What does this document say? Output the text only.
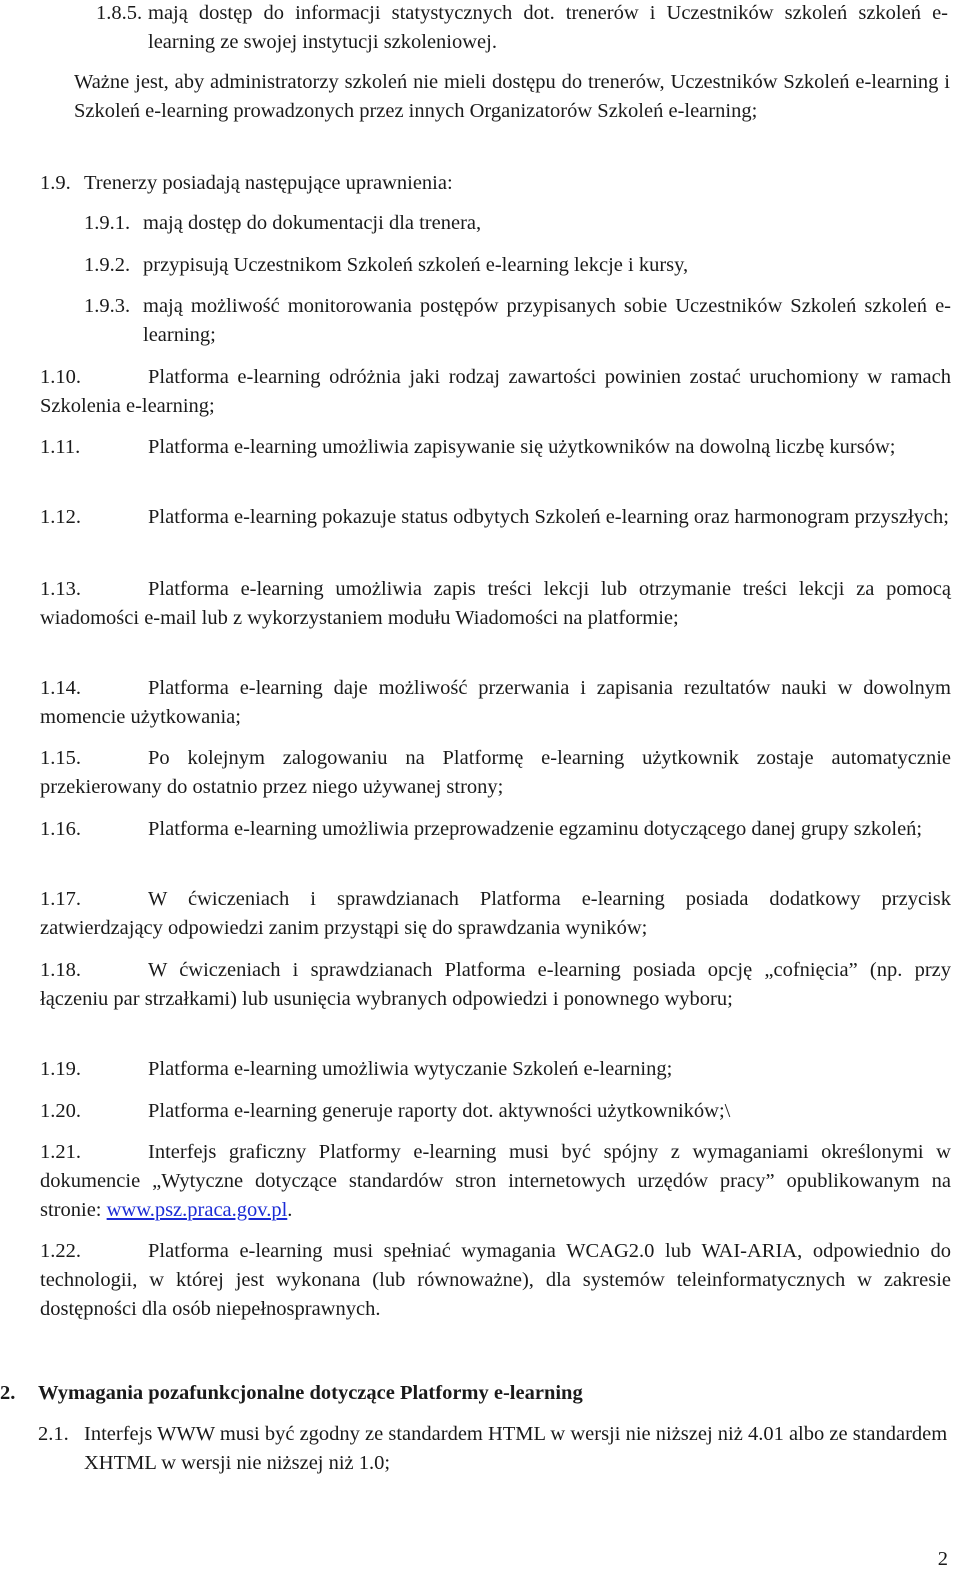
1.8.5. mają dostęp do informacji statystycznych dot. trenerów i Uczestników szkoleń szkoleń e-learning ze swojej instytucji szkoleniowej.
Ważne jest, aby administratorzy szkoleń nie mieli dostępu do trenerów, Uczestników Szkoleń e-learning i Szkoleń e-learning prowadzonych przez innych Organizatorów Szkoleń e-learning;
1.9. Trenerzy posiadają następujące uprawnienia:
1.9.1. mają dostęp do dokumentacji dla trenera,
1.9.2. przypisują Uczestnikom Szkoleń szkoleń e-learning lekcje i kursy,
1.9.3. mają możliwość monitorowania postępów przypisanych sobie Uczestników Szkoleń szkoleń e-learning;
1.10.	Platforma e-learning odróżnia jaki rodzaj zawartości powinien zostać uruchomiony w ramach Szkolenia e-learning;
1.11.	Platforma e-learning umożliwia zapisywanie się użytkowników na dowolną liczbę kursów;
1.12.	Platforma e-learning pokazuje status odbytych Szkoleń e-learning oraz harmonogram przyszłych;
1.13.	Platforma e-learning umożliwia zapis treści lekcji lub otrzymanie treści lekcji za pomocą wiadomości e-mail lub z wykorzystaniem modułu Wiadomości na platformie;
1.14.	Platforma e-learning daje możliwość przerwania i zapisania rezultatów nauki w dowolnym momencie użytkowania;
1.15.	Po kolejnym zalogowaniu na Platformę e-learning użytkownik zostaje automatycznie przekierowany do ostatnio przez niego używanej strony;
1.16.	Platforma e-learning umożliwia przeprowadzenie egzaminu dotyczącego danej grupy szkoleń;
1.17.	W ćwiczeniach i sprawdzianach Platforma e-learning posiada dodatkowy przycisk zatwierdzający odpowiedzi zanim przystąpi się do sprawdzania wyników;
1.18.	W ćwiczeniach i sprawdzianach Platforma e-learning posiada opcję „cofnięcia” (np. przy łączeniu par strzałkami) lub usunięcia wybranych odpowiedzi i ponownego wyboru;
1.19.	Platforma e-learning umożliwia wytyczanie Szkoleń e-learning;
1.20.	Platforma e-learning generuje raporty dot. aktywności użytkowników;\
1.21.	Interfejs graficzny Platformy e-learning musi być spójny z wymaganiami określonymi w dokumencie „Wytyczne dotyczące standardów stron internetowych urzędów pracy” opublikowanym na stronie: www.psz.praca.gov.pl.
1.22.	Platforma e-learning musi spełniać wymagania WCAG2.0 lub WAI-ARIA, odpowiednio do technologii, w której jest wykonana (lub równoważne), dla systemów teleinformatycznych w zakresie dostępności dla osób niepełnosprawnych.
2. Wymagania pozafunkcjonalne dotyczące Platformy e-learning
2.1. Interfejs WWW musi być zgodny ze standardem HTML w wersji nie niższej niż 4.01 albo ze standardem XHTML w wersji nie niższej niż 1.0;
2
